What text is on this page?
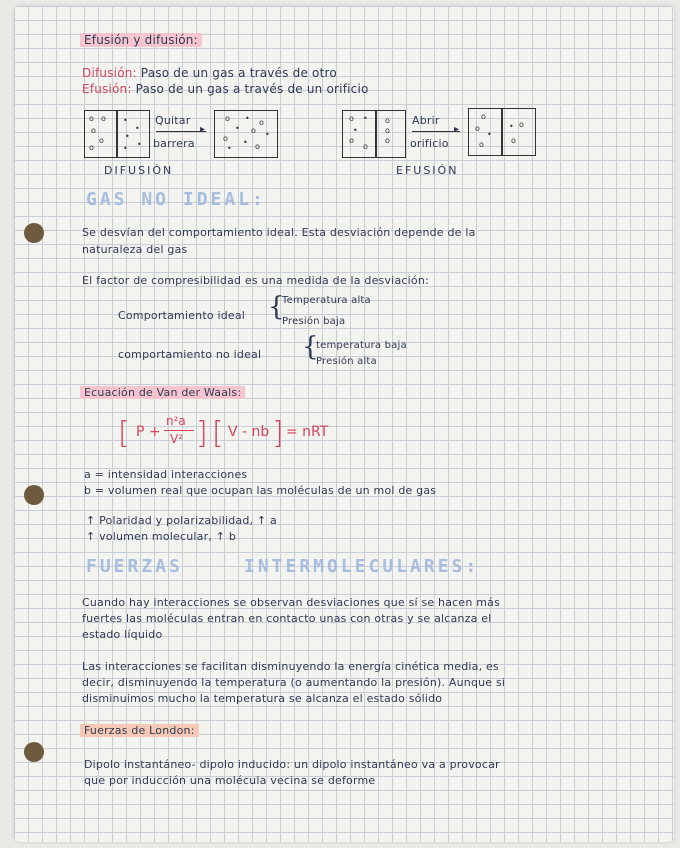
Efusión y difusión:
Difusión: Paso de un gas a través de otro
Efusión: Paso de un gas a través de un orificio
o o
o
o
o
•
•
•
•
•
Quitar
▸
barrera
o • o
• o •
o •
•	o
DIFUSIÓN
o •
•
o
o
o
o
o
Abrir
▸
orificio
o
o
•
o
• o
o
EFUSIÓN
GAS NO IDEAL:
Se desvían del comportamiento ideal. Esta desviación depende de la
naturaleza del gas
El factor de compresibilidad es una medida de la desviación:
Comportamiento ideal {
Temperatura alta
Presión baja
comportamiento no ideal {
temperatura baja
Presión alta
Ecuación de Van der Waals:
[ P +
n²a
V² ] [ V - nb ] = nRT
a = intensidad interacciones
b = volumen real que ocupan las moléculas de un mol de gas
↑ Polaridad y polarizabilidad, ↑ a
↑ volumen molecular, ↑ b
FUERZAS	INTERMOLECULARES:
Cuando hay interacciones se observan desviaciones que sí se hacen más
fuertes las moléculas entran en contacto unas con otras y se alcanza el
estado líquido
Las interacciones se facilitan disminuyendo la energía cinética media, es
decir, disminuyendo la temperatura (o aumentando la presión). Aunque si
disminuimos mucho la temperatura se alcanza el estado sólido
Fuerzas de London:
Dipolo instantáneo- dipolo inducido: un dipolo instantáneo va a provocar
que por inducción una molécula vecina se deforme
